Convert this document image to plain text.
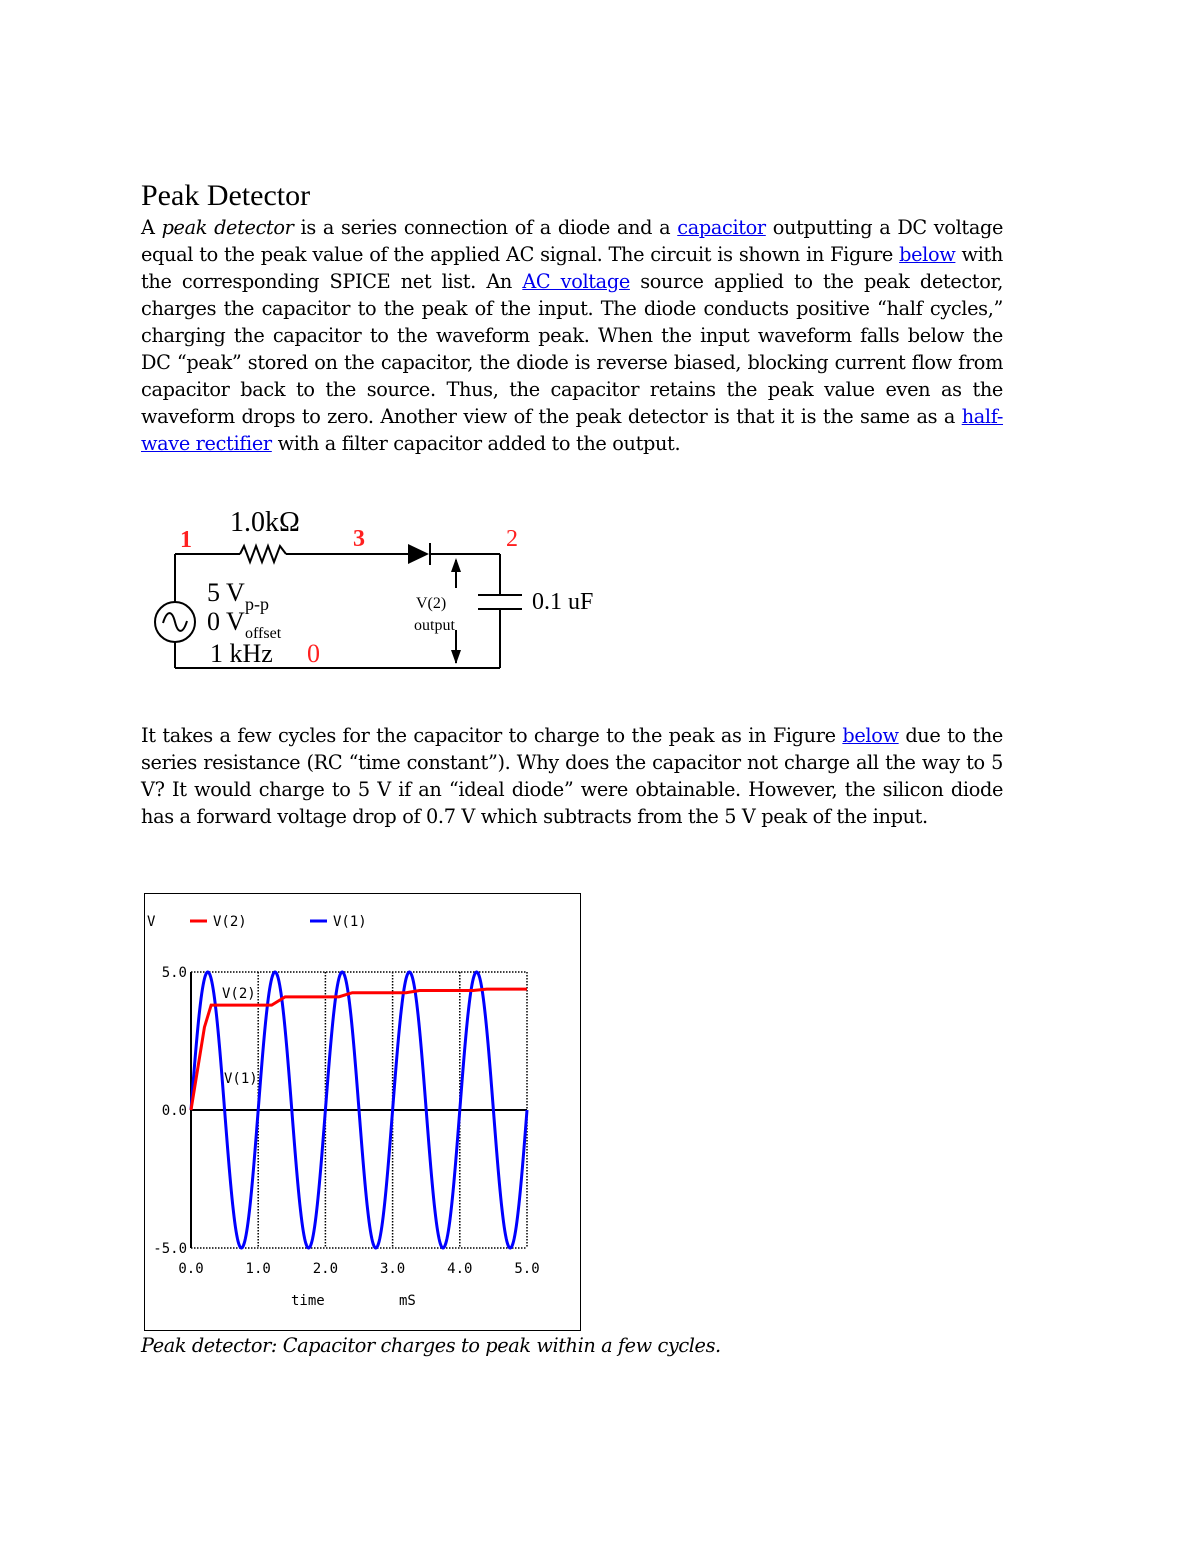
Peak Detector

A peak detector is a series connection of a diode and a capacitor outputting a DC voltage equal to the peak value of the applied AC signal. The circuit is shown in Figure below with the corresponding SPICE net list. An AC voltage source applied to the peak detector, charges the capacitor to the peak of the input. The diode conducts positive “half cycles,” charging the capacitor to the waveform peak. When the input waveform falls below the DC “peak” stored on the capacitor, the diode is reverse biased, blocking current flow from capacitor back to the source. Thus, the capacitor retains the peak value even as the waveform drops to zero. Another view of the peak detector is that it is the same as a half-wave rectifier with a filter capacitor added to the output.

1
1.0kΩ
3	2
5 V p-p
0 V offset
1 kHz 0
V(2)
output
0.1 uF

It takes a few cycles for the capacitor to charge to the peak as in Figure below due to the series resistance (RC “time constant”). Why does the capacitor not charge all the way to 5 V? It would charge to 5 V if an “ideal diode” were obtainable. However, the silicon diode has a forward voltage drop of 0.7 V which subtracts from the 5 V peak of the input.

V	V(2)	V(1)
time	mS
0.0	1.0	2.0	3.0	4.0	5.0
5.0
0.0
-5.0
V(2)
V(1)
Peak detector: Capacitor charges to peak within a few cycles.
